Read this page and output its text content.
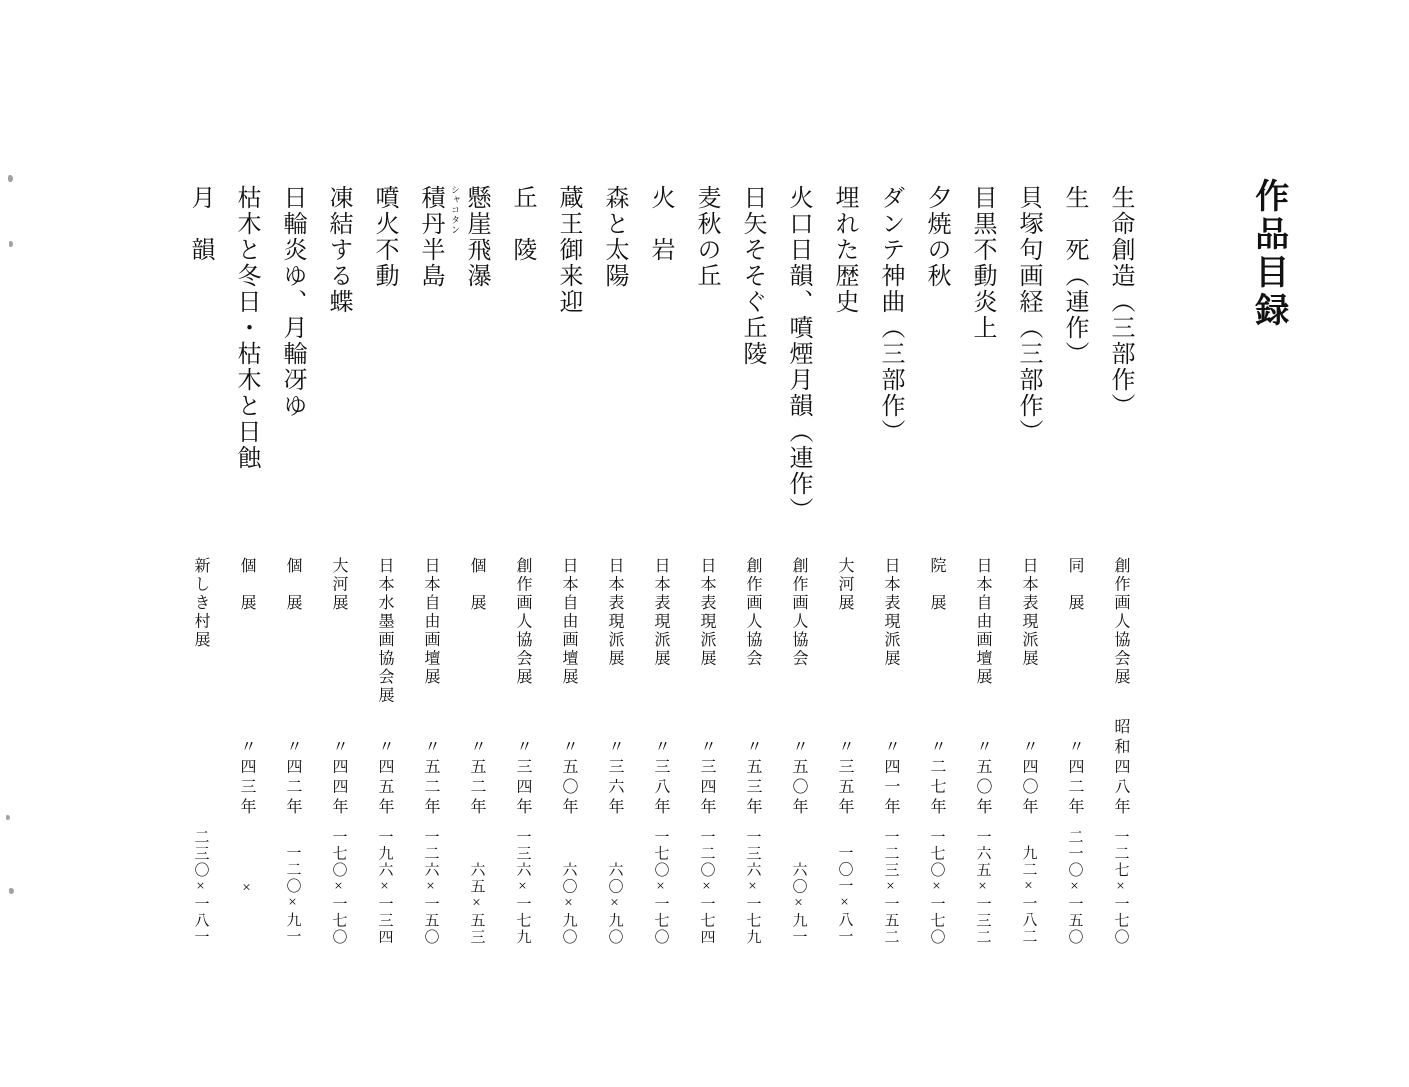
作品目録
生命創造（三部作）
創作画人協会展
昭和四八年
一二七×一七〇
生　死（連作）
同　展
〃四二年
二一〇×一五〇
貝塚句画経（三部作）
日本表現派展
〃四〇年
九二×一八二
目黒不動炎上
日本自由画壇展
〃五〇年
一六五×一三二
夕焼の秋
院　展
〃二七年
一七〇×一七〇
ダンテ神曲（三部作）
日本表現派展
〃四一年
一二三×一五二
埋れた歴史
大河展
〃三五年
一〇一×八一
火口日韻、噴煙月韻（連作）
創作画人協会
〃五〇年
六〇×九一
日矢そそぐ丘陵
創作画人協会
〃五三年
一三六×一七九
麦秋の丘
日本表現派展
〃三四年
一二〇×一七四
火　岩
日本表現派展
〃三八年
一七〇×一七〇
森と太陽
日本表現派展
〃三六年
六〇×九〇
蔵王御来迎
日本自由画壇展
〃五〇年
六〇×九〇
丘　陵
創作画人協会展
〃三四年
一三六×一七九
懸崖飛瀑
個　展
〃五二年
六五×五三
積丹半島 シャコタン
日本自由画壇展
〃五二年
一二六×一五〇
噴火不動
日本水墨画協会展
〃四五年
一九六×一三四
凍結する蝶
大河展
〃四四年
一七〇×一七〇
日輪炎ゆ、月輪冴ゆ
個　展
〃四二年
一二〇×九一
枯木と冬日・枯木と日蝕
個　展
〃四三年
×
月　韻
新しき村展
二三〇×一八一
